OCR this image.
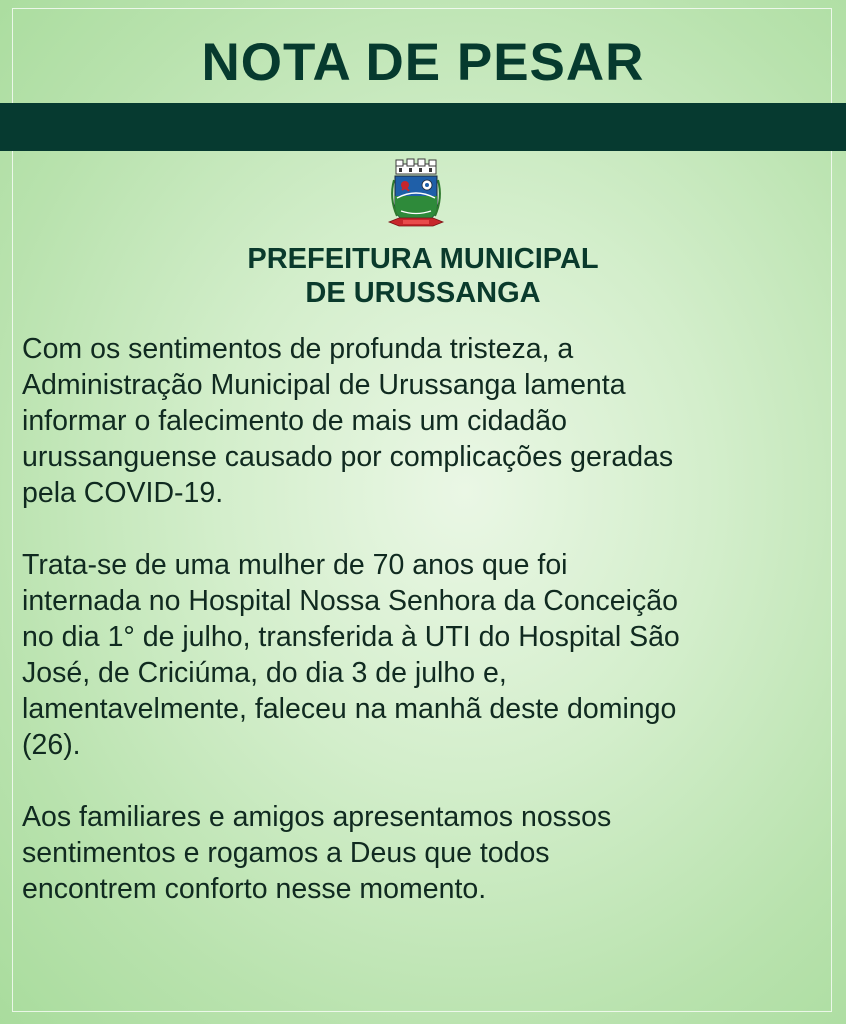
NOTA DE PESAR
PREFEITURA MUNICIPAL
DE URUSSANGA

Com os sentimentos de profunda tristeza, a
Administração Municipal de Urussanga lamenta
informar o falecimento de mais um cidadão
urussanguense causado por complicações geradas
pela COVID-19.

Trata-se de uma mulher de 70 anos que foi
internada no Hospital Nossa Senhora da Conceição
no dia 1° de julho, transferida à UTI do Hospital São
José, de Criciúma, do dia 3 de julho e,
lamentavelmente, faleceu na manhã deste domingo
(26).

Aos familiares e amigos apresentamos nossos
sentimentos e rogamos a Deus que todos
encontrem conforto nesse momento.
